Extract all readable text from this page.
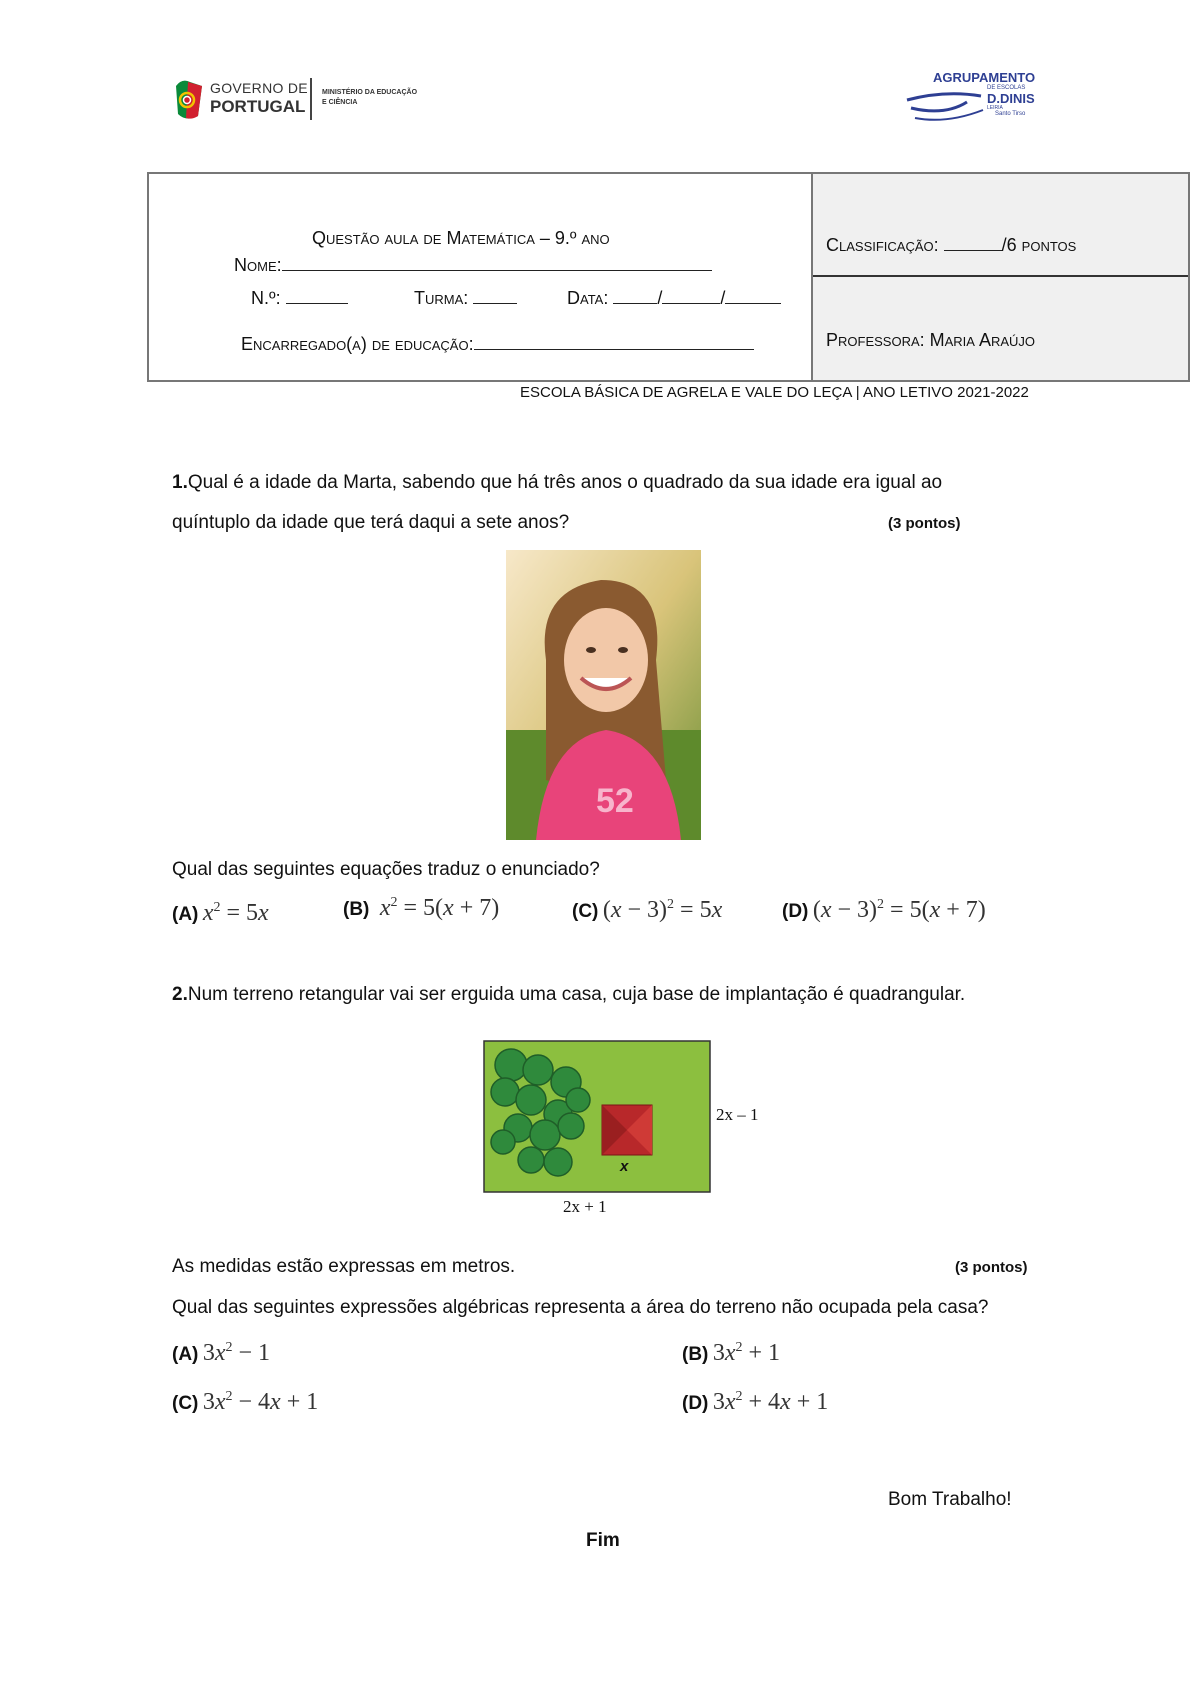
GOVERNO DE
PORTUGAL
MINISTÉRIO DA EDUCAÇÃO
E CIÊNCIA
AGRUPAMENTO
DE ESCOLAS
D.DINIS
LEIRIA
Santo Tirso
Questão aula de Matemática – 9.º ano
Nome:
N.º:	Turma:	Data:	/	/
Encarregado(a) de educação:
Classificação:	/6 pontos
Professora: Maria Araújo
ESCOLA BÁSICA DE AGRELA E VALE DO LEÇA | ANO LETIVO 2021-2022
1.Qual é a idade da Marta, sabendo que há três anos o quadrado da sua idade era igual ao
quíntuplo da idade que terá daqui a sete anos?	(3 pontos)
52
Qual das seguintes equações traduz o enunciado?
(A) $x^2 = 5x$	(B) $x^2 = 5(x + 7)$	(C) $(x - 3)^2 = 5x$	(D) $(x - 3)^2 = 5(x + 7)$
2.Num terreno retangular vai ser erguida uma casa, cuja base de implantação é quadrangular.
x
2x – 1
2x + 1
As medidas estão expressas em metros.	(3 pontos)
Qual das seguintes expressões algébricas representa a área do terreno não ocupada pela casa?
(A) $3x^2 - 1$	(B) $3x^2 + 1$
(C) $3x^2 - 4x + 1$	(D) $3x^2 + 4x + 1$
Bom Trabalho!
Fim
